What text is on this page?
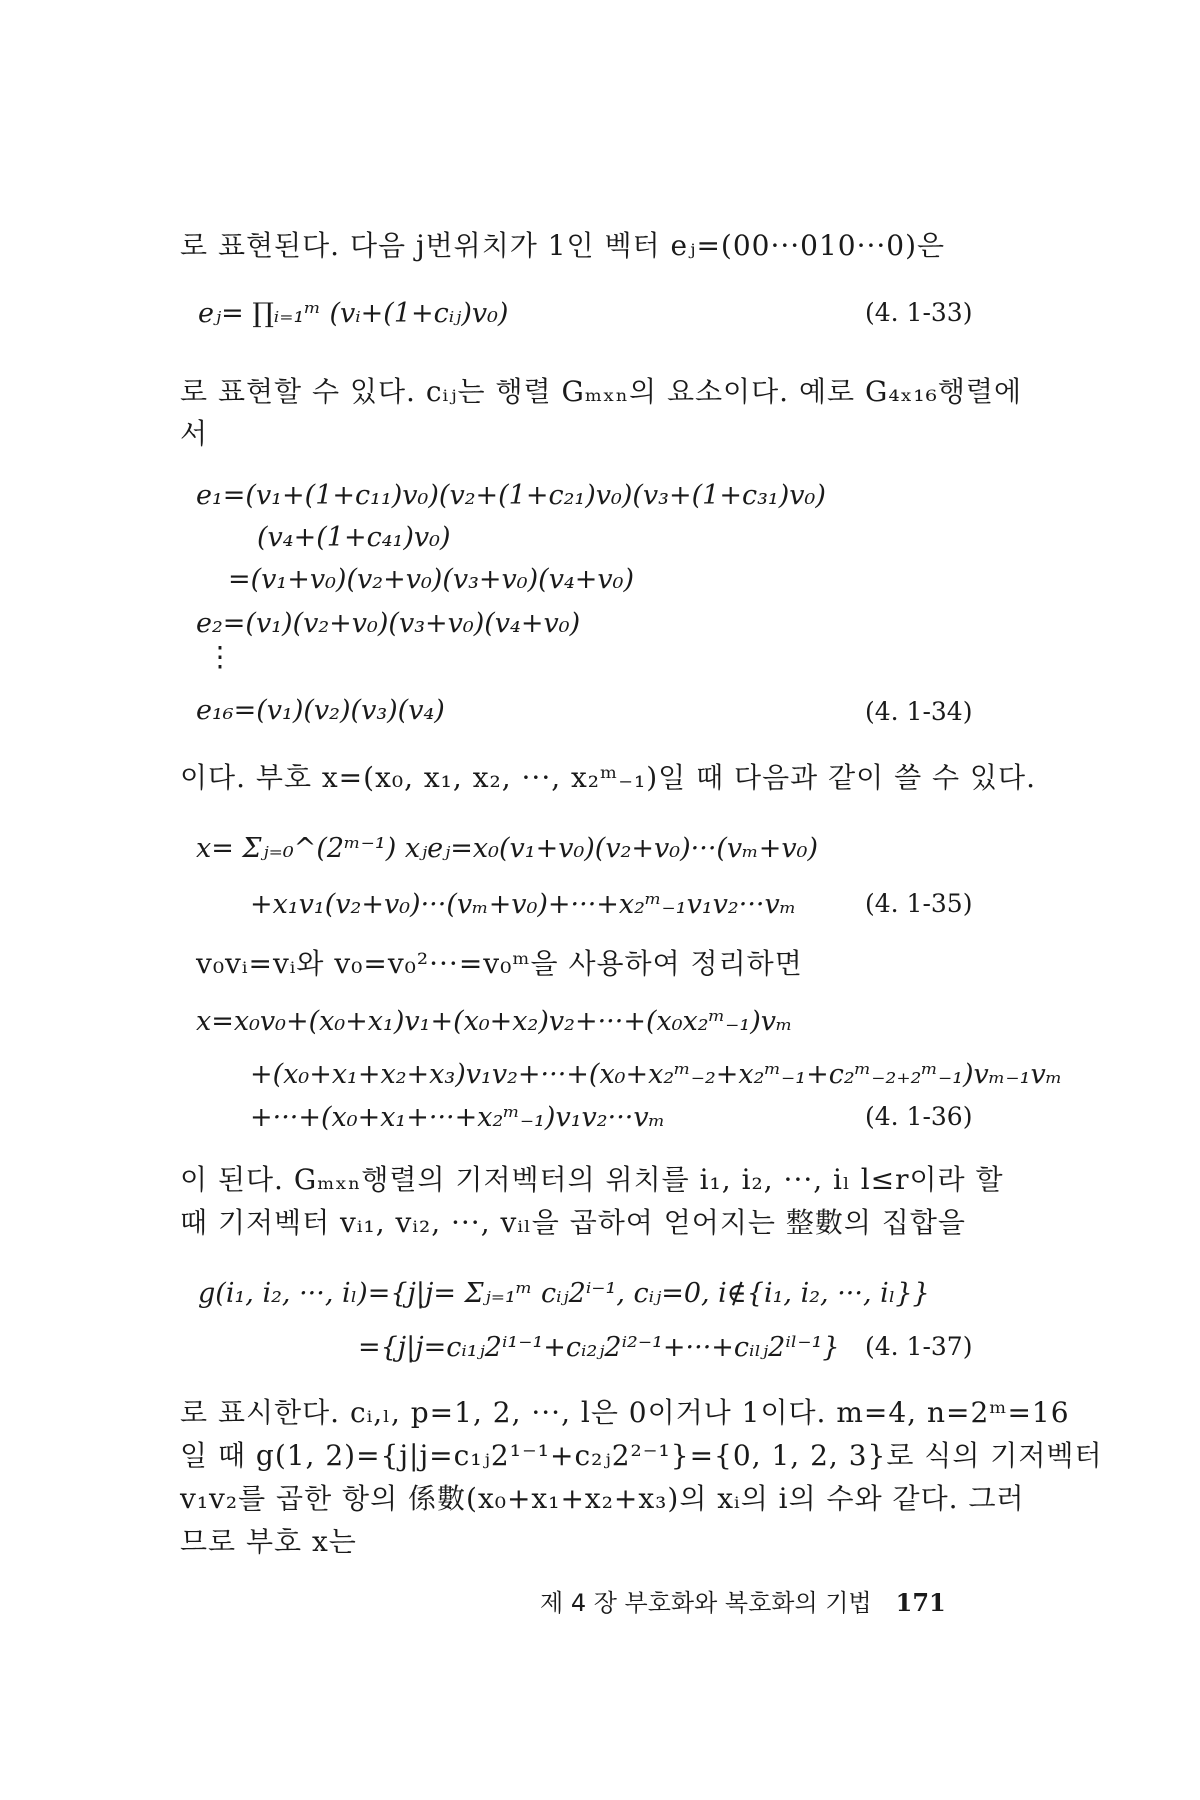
로 표현된다. 다음 j번위치가 1인 벡터 eⱼ=(00···010···0)은
eⱼ= ∏ᵢ₌₁ᵐ (vᵢ+(1+cᵢⱼ)v₀)	(4. 1-33)
로 표현할 수 있다. cᵢⱼ는 행렬 Gₘₓₙ의 요소이다. 예로 G₄ₓ₁₆행렬에
서
e₁=(v₁+(1+c₁₁)v₀)(v₂+(1+c₂₁)v₀)(v₃+(1+c₃₁)v₀)
(v₄+(1+c₄₁)v₀)
=(v₁+v₀)(v₂+v₀)(v₃+v₀)(v₄+v₀)
e₂=(v₁)(v₂+v₀)(v₃+v₀)(v₄+v₀)
⋮
e₁₆=(v₁)(v₂)(v₃)(v₄)	(4. 1-34)
이다. 부호 x=(x₀, x₁, x₂, ···, x₂ᵐ₋₁)일 때 다음과 같이 쓸 수 있다.
x= Σⱼ₌₀^(2ᵐ⁻¹) xⱼeⱼ=x₀(v₁+v₀)(v₂+v₀)···(vₘ+v₀)
+x₁v₁(v₂+v₀)···(vₘ+v₀)+···+x₂ᵐ₋₁v₁v₂···vₘ	(4. 1-35)
v₀vᵢ=vᵢ와 v₀=v₀²···=v₀ᵐ을 사용하여 정리하면
x=x₀v₀+(x₀+x₁)v₁+(x₀+x₂)v₂+···+(x₀x₂ᵐ₋₁)vₘ
+(x₀+x₁+x₂+x₃)v₁v₂+···+(x₀+x₂ᵐ₋₂+x₂ᵐ₋₁+c₂ᵐ₋₂₊₂ᵐ₋₁)vₘ₋₁vₘ
+···+(x₀+x₁+···+x₂ᵐ₋₁)v₁v₂···vₘ	(4. 1-36)
이 된다. Gₘₓₙ행렬의 기저벡터의 위치를 i₁, i₂, ···, iₗ l≤r이라 할
때 기저벡터 vᵢ₁, vᵢ₂, ···, vᵢₗ을 곱하여 얻어지는 整數의 집합을
g(i₁, i₂, ···, iₗ)={j|j= Σⱼ₌₁ᵐ cᵢⱼ2ⁱ⁻¹, cᵢⱼ=0, i∉{i₁, i₂, ···, iₗ}}
={j|j=cᵢ₁ⱼ2ⁱ¹⁻¹+cᵢ₂ⱼ2ⁱ²⁻¹+···+cᵢₗⱼ2ⁱˡ⁻¹} (4. 1-37)
로 표시한다. cᵢ,ₗ, p=1, 2, ···, l은 0이거나 1이다. m=4, n=2ᵐ=16
일 때 g(1, 2)={j|j=c₁ⱼ2¹⁻¹+c₂ⱼ2²⁻¹}={0, 1, 2, 3}로 식의 기저벡터
v₁v₂를 곱한 항의 係數(x₀+x₁+x₂+x₃)의 xᵢ의 i의 수와 같다. 그러
므로 부호 x는
제 4 장 부호화와 복호화의 기법 171
